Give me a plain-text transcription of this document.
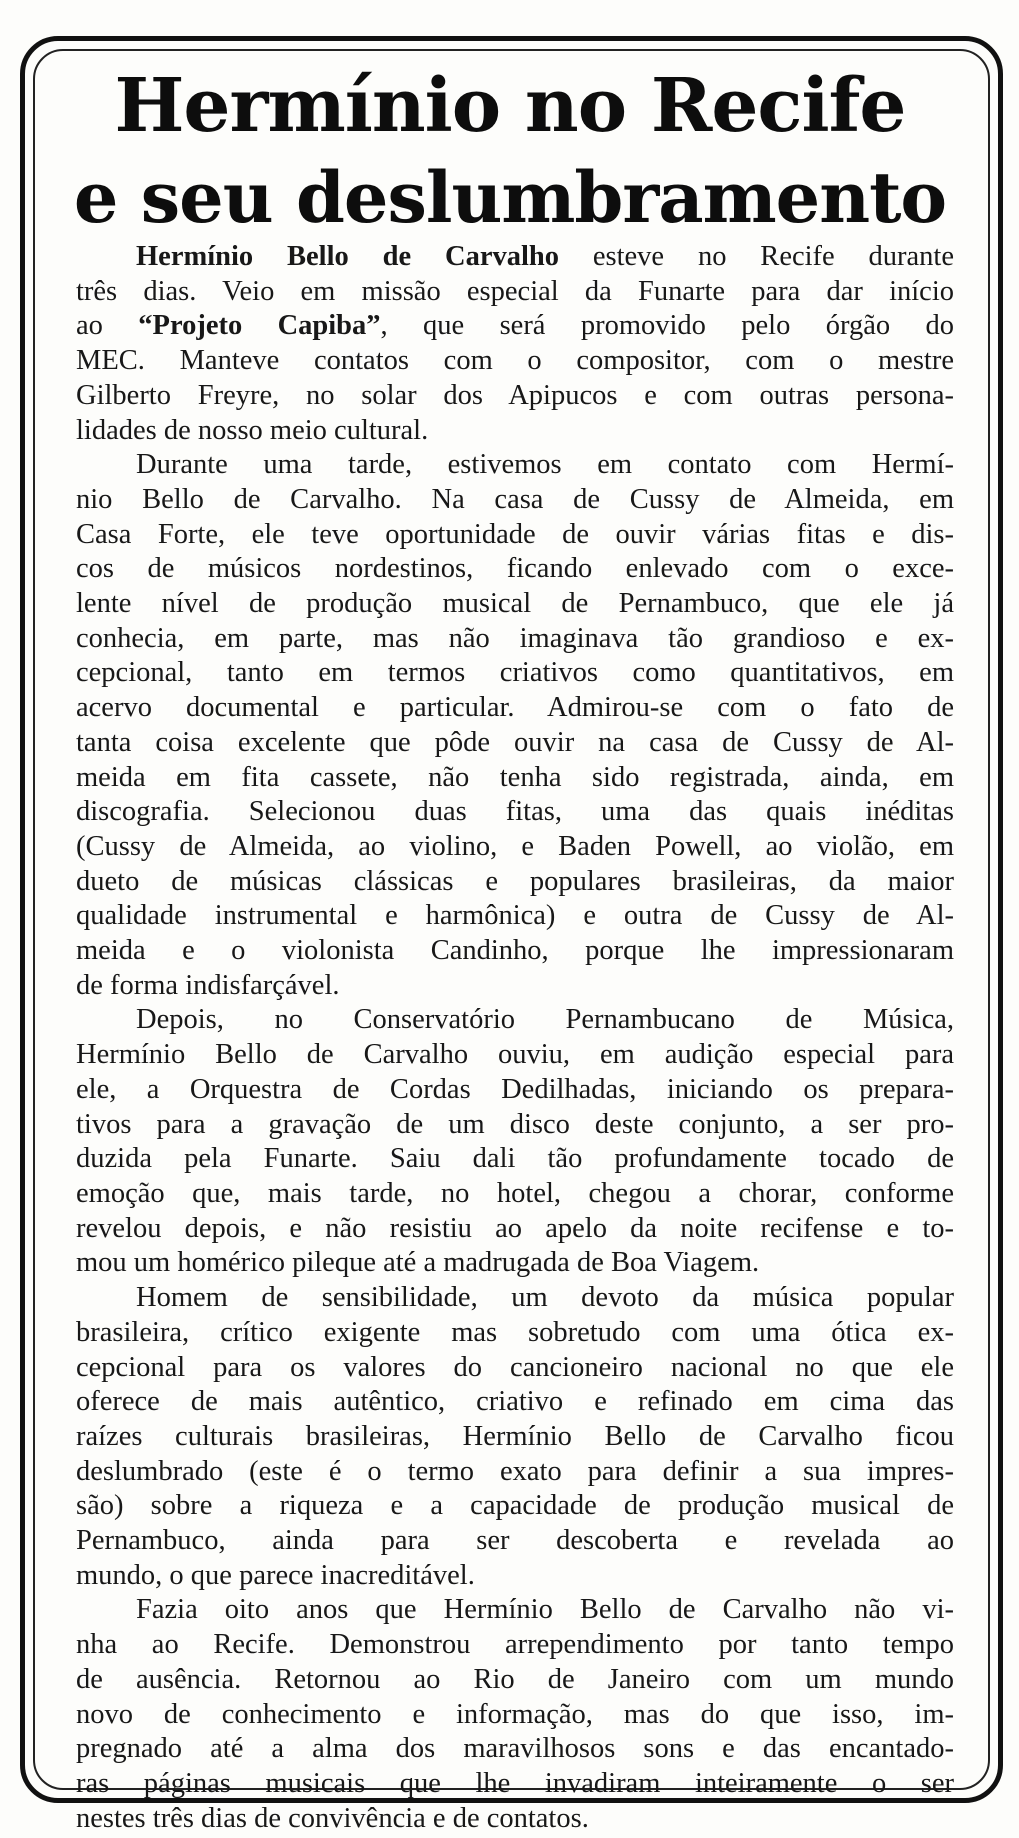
Hermínio no Recife
e seu deslumbramento

Hermínio Bello de Carvalho esteve no Recife durante
três dias. Veio em missão especial da Funarte para dar início
ao “Projeto Capiba”, que será promovido pelo órgão do
MEC. Manteve contatos com o compositor, com o mestre
Gilberto Freyre, no solar dos Apipucos e com outras persona-
lidades de nosso meio cultural.

Durante uma tarde, estivemos em contato com Hermí-
nio Bello de Carvalho. Na casa de Cussy de Almeida, em
Casa Forte, ele teve oportunidade de ouvir várias fitas e dis-
cos de músicos nordestinos, ficando enlevado com o exce-
lente nível de produção musical de Pernambuco, que ele já
conhecia, em parte, mas não imaginava tão grandioso e ex-
cepcional, tanto em termos criativos como quantitativos, em
acervo documental e particular. Admirou-se com o fato de
tanta coisa excelente que pôde ouvir na casa de Cussy de Al-
meida em fita cassete, não tenha sido registrada, ainda, em
discografia. Selecionou duas fitas, uma das quais inéditas
(Cussy de Almeida, ao violino, e Baden Powell, ao violão, em
dueto de músicas clássicas e populares brasileiras, da maior
qualidade instrumental e harmônica) e outra de Cussy de Al-
meida e o violonista Candinho, porque lhe impressionaram
de forma indisfarçável.

Depois, no Conservatório Pernambucano de Música,
Hermínio Bello de Carvalho ouviu, em audição especial para
ele, a Orquestra de Cordas Dedilhadas, iniciando os prepara-
tivos para a gravação de um disco deste conjunto, a ser pro-
duzida pela Funarte. Saiu dali tão profundamente tocado de
emoção que, mais tarde, no hotel, chegou a chorar, conforme
revelou depois, e não resistiu ao apelo da noite recifense e to-
mou um homérico pileque até a madrugada de Boa Viagem.

Homem de sensibilidade, um devoto da música popular
brasileira, crítico exigente mas sobretudo com uma ótica ex-
cepcional para os valores do cancioneiro nacional no que ele
oferece de mais autêntico, criativo e refinado em cima das
raízes culturais brasileiras, Hermínio Bello de Carvalho ficou
deslumbrado (este é o termo exato para definir a sua impres-
são) sobre a riqueza e a capacidade de produção musical de
Pernambuco, ainda para ser descoberta e revelada ao
mundo, o que parece inacreditável.

Fazia oito anos que Hermínio Bello de Carvalho não vi-
nha ao Recife. Demonstrou arrependimento por tanto tempo
de ausência. Retornou ao Rio de Janeiro com um mundo
novo de conhecimento e informação, mas do que isso, im-
pregnado até a alma dos maravilhosos sons e das encantado-
ras páginas musicais que lhe invadiram inteiramente o ser
nestes três dias de convivência e de contatos.
